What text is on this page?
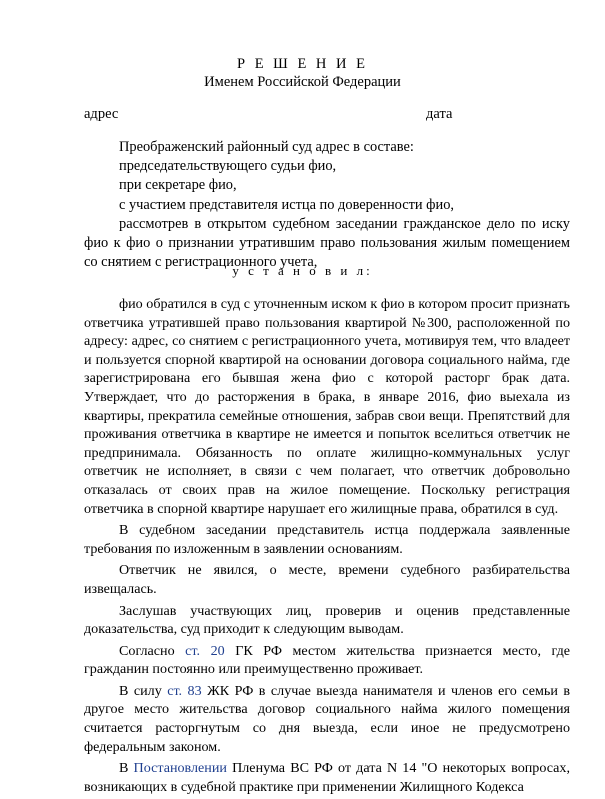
Р Е Ш Е Н И Е
Именем Российской Федерации
адрес	дата

Преображенский районный суд адрес в составе:

председательствующего судьи фио,

при секретаре фио,

с участием представителя истца по доверенности фио,

рассмотрев в открытом судебном заседании гражданское дело по иску фио к фио о признании утратившим право пользования жилым помещением со снятием с регистрационного учета,

у с т а н о в и л:

фио обратился в суд с уточненным иском к фио в котором просит признать ответчика утратившей право пользования квартирой №300, расположенной по адресу: адрес, со снятием с регистрационного учета, мотивируя тем, что владеет и пользуется спорной квартирой на основании договора социального найма, где зарегистрирована его бывшая жена фио с которой расторг брак дата. Утверждает, что до расторжения в брака, в январе 2016, фио выехала из квартиры, прекратила семейные отношения, забрав свои вещи. Препятствий для проживания ответчика в квартире не имеется и попыток вселиться ответчик не предпринимала. Обязанность по оплате жилищно-коммунальных услуг ответчик не исполняет, в связи с чем полагает, что ответчик добровольно отказалась от своих прав на жилое помещение. Поскольку регистрация ответчика в спорной квартире нарушает его жилищные права, обратился в суд.

В судебном заседании представитель истца поддержала заявленные требования по изложенным в заявлении основаниям.

Ответчик не явился, о месте, времени судебного разбирательства извещалась.

Заслушав участвующих лиц, проверив и оценив представленные доказательства, суд приходит к следующим выводам.

Согласно ст. 20 ГК РФ местом жительства признается место, где гражданин постоянно или преимущественно проживает.

В силу ст. 83 ЖК РФ в случае выезда нанимателя и членов его семьи в другое место жительства договор социального найма жилого помещения считается расторгнутым со дня выезда, если иное не предусмотрено федеральным законом.

В Постановлении Пленума ВС РФ от дата N 14 "О некоторых вопросах, возникающих в судебной практике при применении Жилищного Кодекса
